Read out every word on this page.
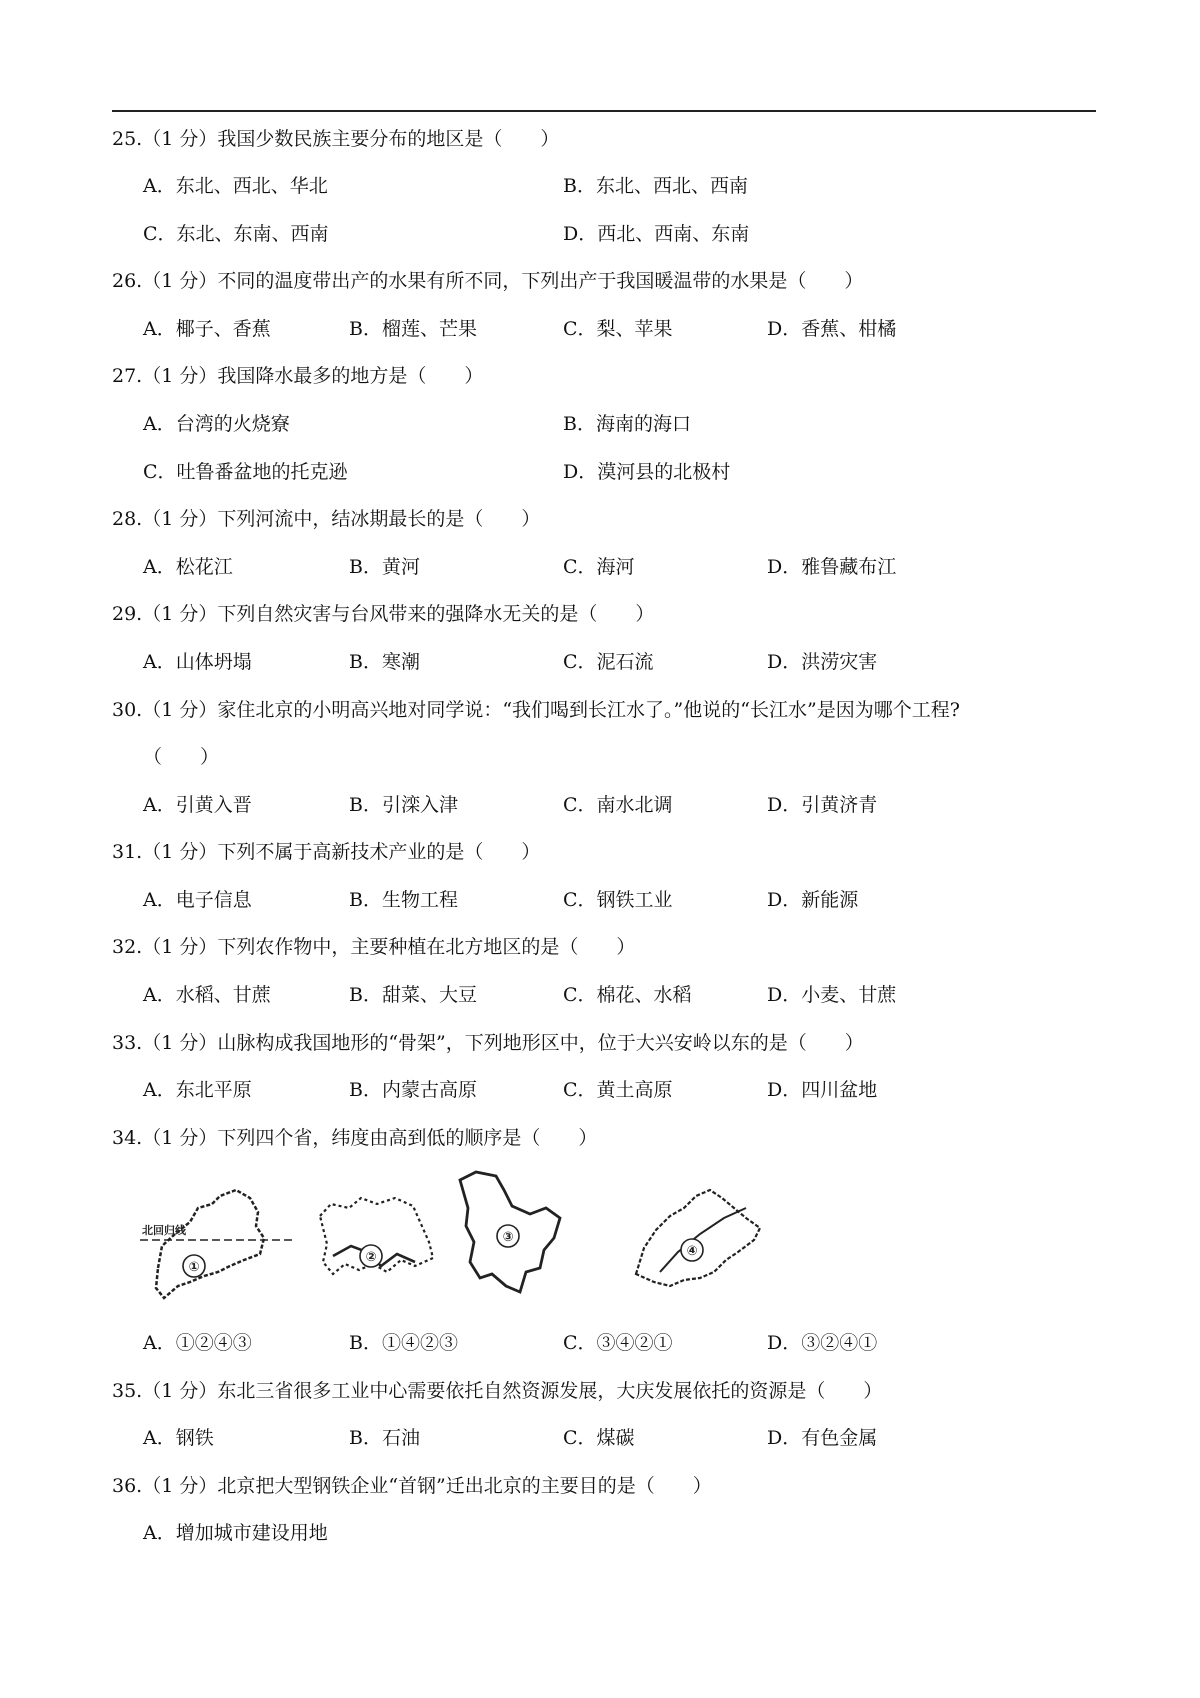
25.（1 分）我国少数民族主要分布的地区是（　　）
A．东北、西北、华北	B．东北、西北、西南
C．东北、东南、西南	D．西北、西南、东南
26.（1 分）不同的温度带出产的水果有所不同，下列出产于我国暖温带的水果是（　　）
A．椰子、香蕉	B．榴莲、芒果	C．梨、苹果	D．香蕉、柑橘
27.（1 分）我国降水最多的地方是（　　）
A．台湾的火烧寮	B．海南的海口
C．吐鲁番盆地的托克逊	D．漠河县的北极村
28.（1 分）下列河流中，结冰期最长的是（　　）
A．松花江	B．黄河	C．海河	D．雅鲁藏布江
29.（1 分）下列自然灾害与台风带来的强降水无关的是（　　）
A．山体坍塌	B．寒潮	C．泥石流	D．洪涝灾害
30.（1 分）家住北京的小明高兴地对同学说：“我们喝到长江水了。”他说的“长江水”是因为哪个工程?
（　　）
A．引黄入晋	B．引滦入津	C．南水北调	D．引黄济青
31.（1 分）下列不属于高新技术产业的是（　　）
A．电子信息	B．生物工程	C．钢铁工业	D．新能源
32.（1 分）下列农作物中，主要种植在北方地区的是（　　）
A．水稻、甘蔗	B．甜菜、大豆	C．棉花、水稻	D．小麦、甘蔗
33.（1 分）山脉构成我国地形的“骨架”，下列地形区中，位于大兴安岭以东的是（　　）
A．东北平原	B．内蒙古高原	C．黄土高原	D．四川盆地
34.（1 分）下列四个省，纬度由高到低的顺序是（　　）
北回归线
①
②
③
④
A．①②④③	B．①④②③	C．③④②①	D．③②④①
35.（1 分）东北三省很多工业中心需要依托自然资源发展，大庆发展依托的资源是（　　）
A．钢铁	B．石油	C．煤碳	D．有色金属
36.（1 分）北京把大型钢铁企业“首钢”迁出北京的主要目的是（　　）
A．增加城市建设用地
